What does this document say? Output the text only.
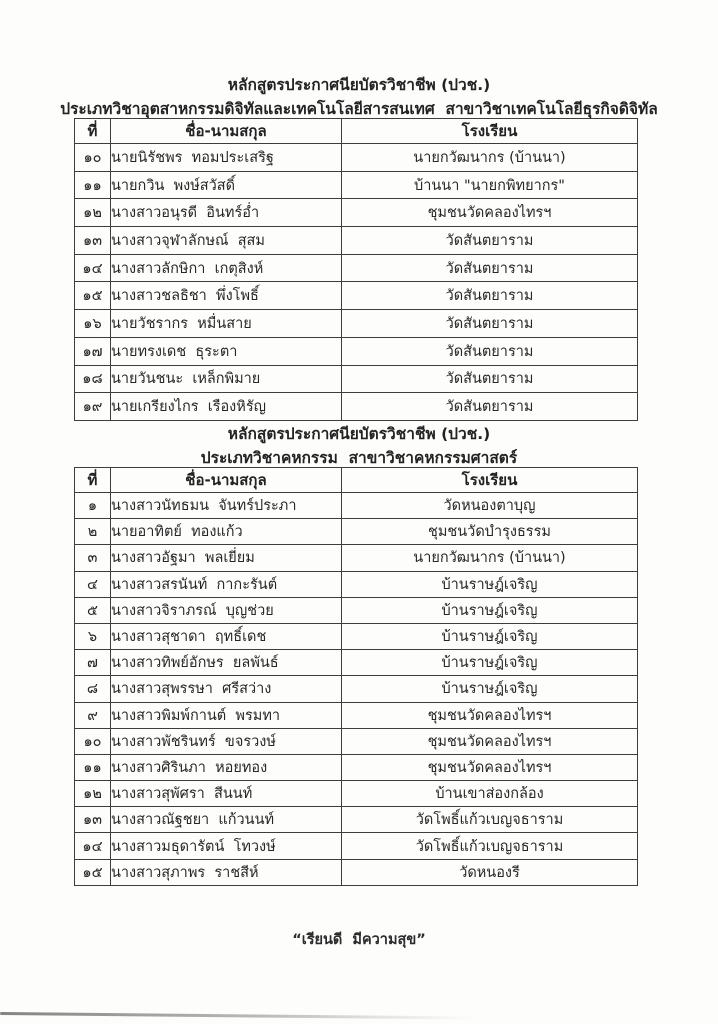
หลักสูตรประกาศนียบัตรวิชาชีพ (ปวช.)
ประเภทวิชาอุตสาหกรรมดิจิทัลและเทคโนโลยีสารสนเทศ  สาขาวิชาเทคโนโลยีธุรกิจดิจิทัล
ที่	ชื่อ-นามสกุล	โรงเรียน
๑๐	นายนิรัชพร  ทอมประเสริฐ	นายกวัฒนากร (บ้านนา)
๑๑	นายกวิน  พงษ์สวัสดิ์	บ้านนา "นายกพิทยากร"
๑๒	นางสาวอนุรดี  อินทร์อ่ำ	ชุมชนวัดคลองไทรฯ
๑๓	นางสาวจุฬาลักษณ์  สุสม	วัดสันตยาราม
๑๔	นางสาวลักษิกา  เกตุสิงห์	วัดสันตยาราม
๑๕	นางสาวชลธิชา  พึ่งโพธิ์	วัดสันตยาราม
๑๖	นายวัชรากร  หมื่นสาย	วัดสันตยาราม
๑๗	นายทรงเดช  ธุระตา	วัดสันตยาราม
๑๘	นายวันชนะ  เหล็กพิมาย	วัดสันตยาราม
๑๙	นายเกรียงไกร  เรืองหิรัญ	วัดสันตยาราม
หลักสูตรประกาศนียบัตรวิชาชีพ (ปวช.)
ประเภทวิชาคหกรรม  สาขาวิชาคหกรรมศาสตร์
ที่	ชื่อ-นามสกุล	โรงเรียน
๑	นางสาวนัทธมน  จันทร์ประภา	วัดหนองตาบุญ
๒	นายอาทิตย์  ทองแก้ว	ชุมชนวัดบำรุงธรรม
๓	นางสาวอัฐมา  พลเยี่ยม	นายกวัฒนากร (บ้านนา)
๔	นางสาวสรนันท์  กากะรันต์	บ้านราษฎ์เจริญ
๕	นางสาวจิราภรณ์  บุญช่วย	บ้านราษฎ์เจริญ
๖	นางสาวสุชาดา  ฤทธิ์เดช	บ้านราษฎ์เจริญ
๗	นางสาวทิพย์อักษร  ยลพันธ์	บ้านราษฎ์เจริญ
๘	นางสาวสุพรรษา  ศรีสว่าง	บ้านราษฎ์เจริญ
๙	นางสาวพิมพ์กานต์  พรมทา	ชุมชนวัดคลองไทรฯ
๑๐	นางสาวพัชรินทร์  ขจรวงษ์	ชุมชนวัดคลองไทรฯ
๑๑	นางสาวศิรินภา  หอยทอง	ชุมชนวัดคลองไทรฯ
๑๒	นางสาวสุพัศรา  สีนนท์	บ้านเขาส่องกล้อง
๑๓	นางสาวณัฐชยา  แก้วนนท์	วัดโพธิ์แก้วเบญจธาราม
๑๔	นางสาวมธุดารัตน์  โทวงษ์	วัดโพธิ์แก้วเบญจธาราม
๑๕	นางสาวสุภาพร  ราชสีห์	วัดหนองรี
“เรียนดี  มีความสุข”
